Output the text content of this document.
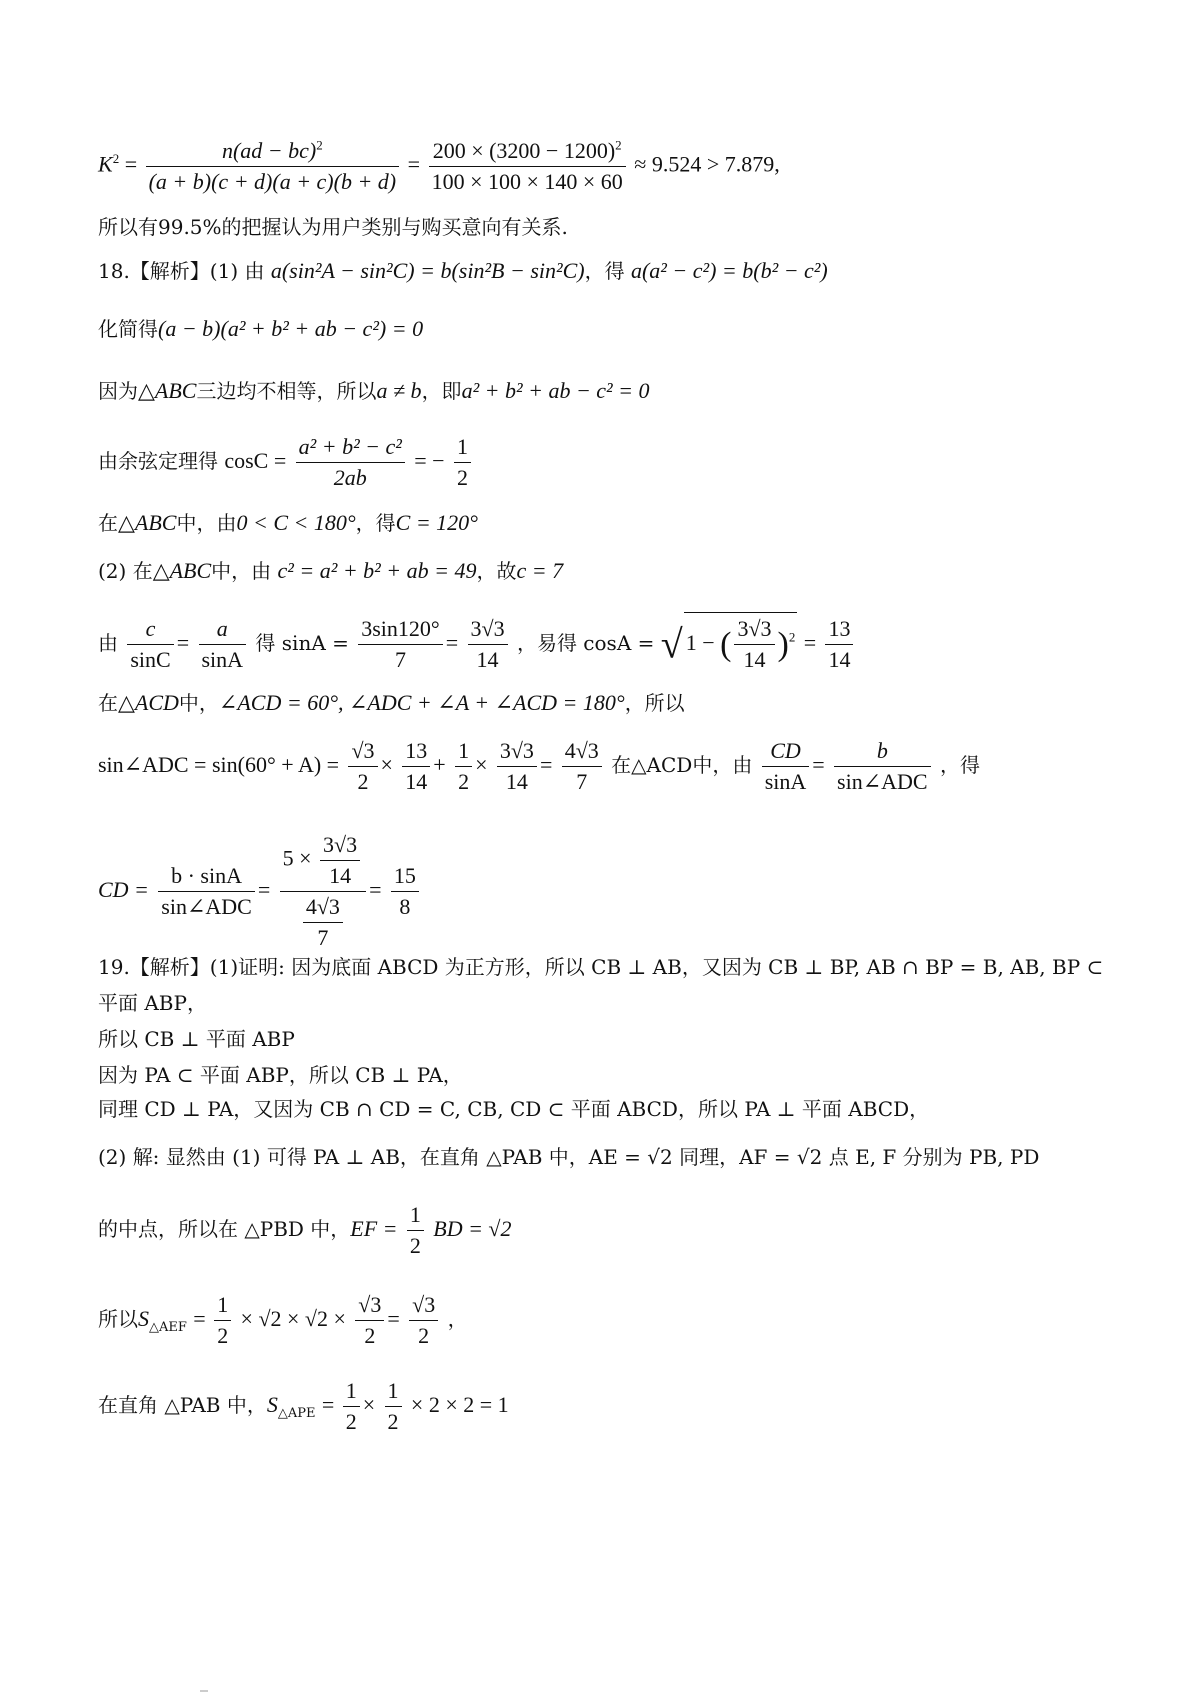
$K^2 = \frac{n(ad - bc)^2}{(a + b)(c + d)(a + c)(b + d)} = \frac{200 \times (3200 - 1200)^2}{100 \times 100 \times 140 \times 60} \approx 9.524 > 7.879$,
所以有99.5%的把握认为用户类别与购买意向有关系.
18.【解析】(1) 由 a(sin²A − sin²C) = b(sin²B − sin²C)，得 a(a² − c²) = b(b² − c²)
化简得(a − b)(a² + b² + ab − c²) = 0
因为△ABC三边均不相等，所以a ≠ b，即a² + b² + ab − c² = 0
由余弦定理得 $\cos C = \frac{\text{a² + b² − c²}}{2ab}$ = − $\frac{1}{2}$
在△ABC中，由0 < C < 180°，得C = 120°
(2) 在△ABC中，由 c² = a² + b² + ab = 49，故c = 7
由 $\frac{c}{\sin C} = \frac{a}{\sin A}$ 得 $\sin A = \frac{3\sin 120^\circ}{7} = \frac{3√3}{14}$ ，易得 cosA = √ 1 − ( $\frac{3√3}{14} )^2 = \frac{13}{14}$
在△ACD中，∠ACD = 60°, ∠ADC + ∠A + ∠ACD = 180°，所以
sin∠ADC = $\sin(60^\circ + A) = \frac{√3}{2} \times \frac{13}{14} + \frac{1}{2} \times \frac{3√3}{14} = \frac{4√3}{7}$ 在△ACD中，由 $\frac{CD}{\sin A} = \frac{b}{\text{sin∠ADC}}$ ，得
CD = $\frac{b \cdot \sin A}{\text{sin∠ADC}} = \frac{5 \times \frac{3√3}{14}}{\frac{4√3}{7}} = \frac{15}{8}$
19.【解析】(1)证明: 因为底面 ABCD 为正方形，所以 CB ⊥ AB，又因为 CB ⊥ BP, AB ∩ BP = B, AB, BP ⊂
平面 ABP，
所以 CB ⊥ 平面 ABP
因为 PA ⊂ 平面 ABP，所以 CB ⊥ PA，
同理 CD ⊥ PA，又因为 CB ∩ CD = C, CB, CD ⊂ 平面 ABCD，所以 PA ⊥ 平面 ABCD，
(2) 解: 显然由 (1) 可得 PA ⊥ AB，在直角 △PAB 中，AE = √2 同理，AF = √2 点 E, F 分别为 PB, PD
的中点，所以在 △PBD 中，EF = $\frac{1}{2}$ BD = √2
所以$S_{\triangle AEF} = \frac{1}{2} \times √2 \times √2 \times \frac{√3}{2} = \frac{√3}{2}$ ，
在直角 △PAB 中，$S_{\triangle APE} = \frac{1}{2} \times \frac{1}{2} \times 2 \times 2 = 1$
